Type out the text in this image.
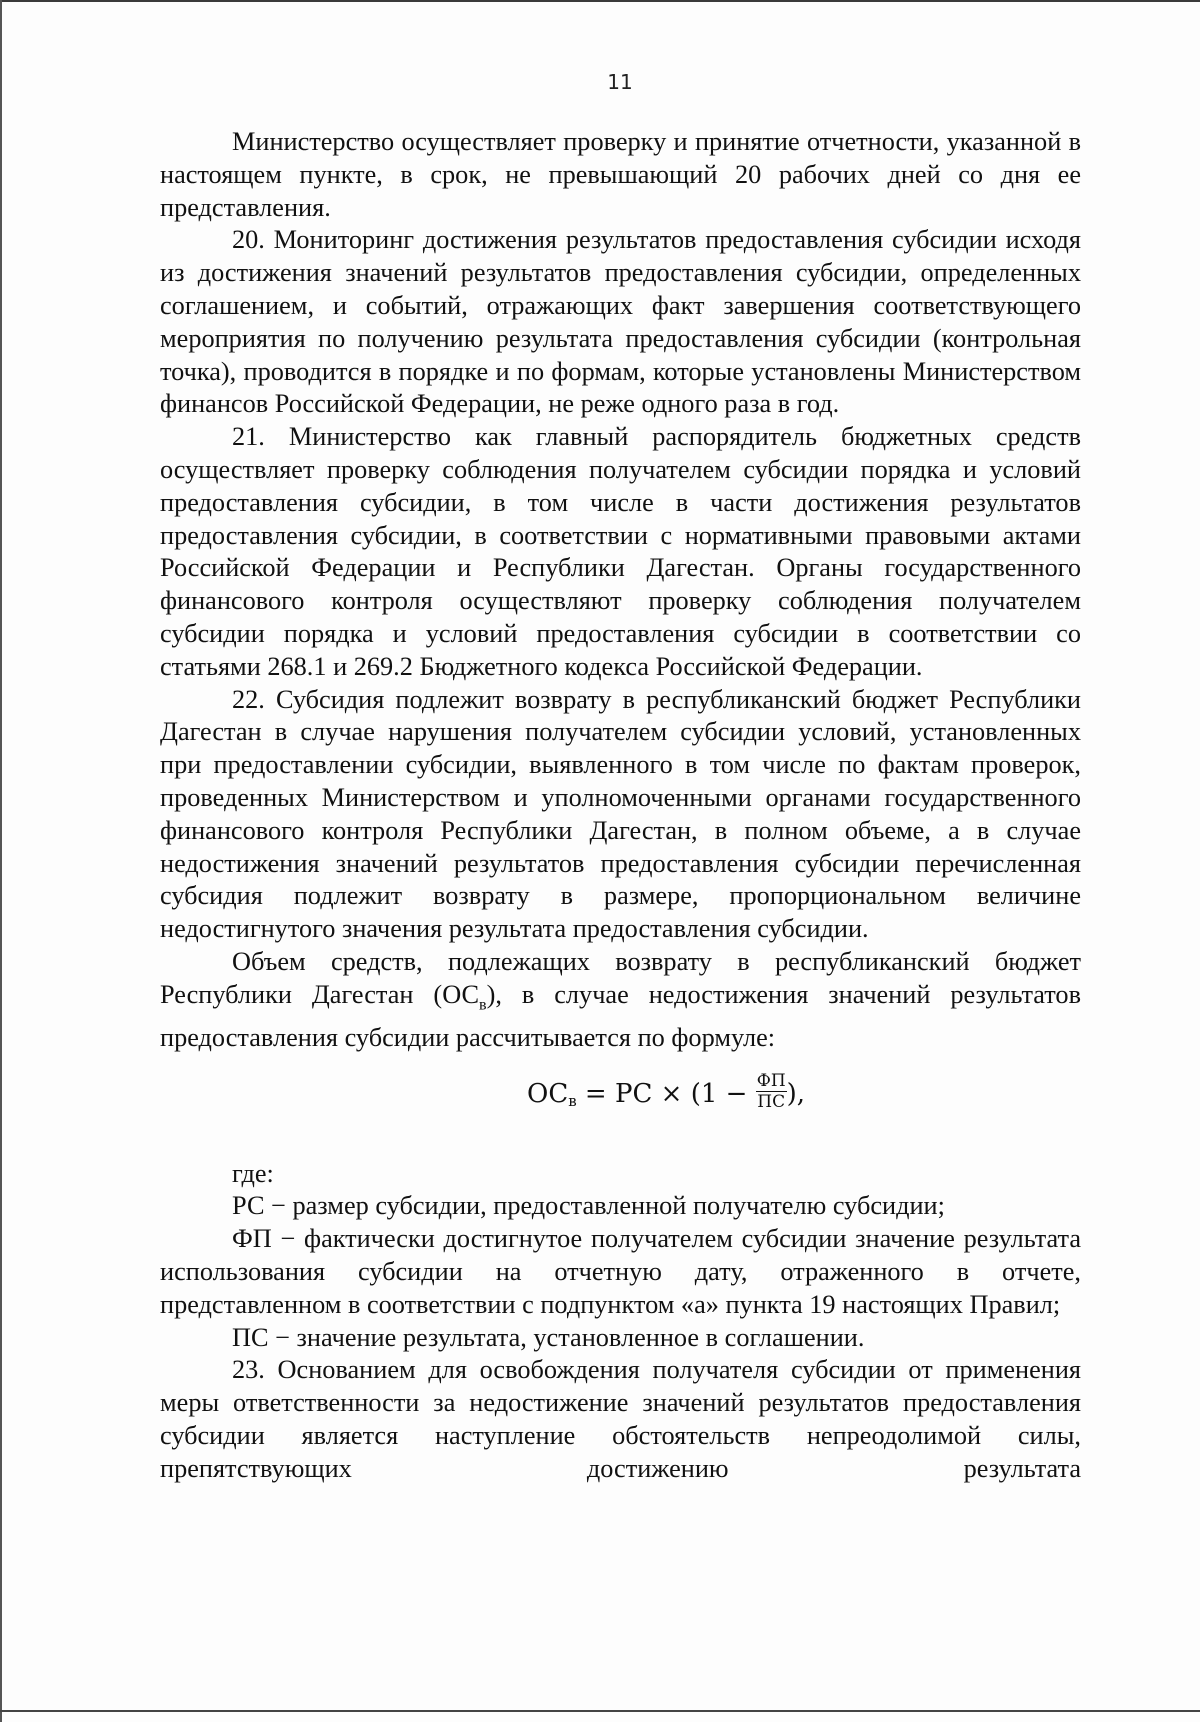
11

Министерство осуществляет проверку и принятие отчетности, указанной в настоящем пункте, в срок, не превышающий 20 рабочих дней со дня ее представления.

20. Мониторинг достижения результатов предоставления субсидии исходя из достижения значений результатов предоставления субсидии, определенных соглашением, и событий, отражающих факт завершения соответствующего мероприятия по получению результата предоставления субсидии (контрольная точка), проводится в порядке и по формам, которые установлены Министерством финансов Российской Федерации, не реже одного раза в год.

21. Министерство как главный распорядитель бюджетных средств осуществляет проверку соблюдения получателем субсидии порядка и условий предоставления субсидии, в том числе в части достижения результатов предоставления субсидии, в соответствии с нормативными правовыми актами Российской Федерации и Республики Дагестан. Органы государственного финансового контроля осуществляют проверку соблюдения получателем субсидии порядка и условий предоставления субсидии в соответствии со статьями 268.1 и 269.2 Бюджетного кодекса Российской Федерации.

22. Субсидия подлежит возврату в республиканский бюджет Республики Дагестан в случае нарушения получателем субсидии условий, установленных при предоставлении субсидии, выявленного в том числе по фактам проверок, проведенных Министерством и уполномоченными органами государственного финансового контроля Республики Дагестан, в полном объеме, а в случае недостижения значений результатов предоставления субсидии перечисленная субсидия подлежит возврату в размере, пропорциональном величине недостигнутого значения результата предоставления субсидии.

Объем средств, подлежащих возврату в республиканский бюджет Республики Дагестан $(ОС_в)$, в случае недостижения значений результатов предоставления субсидии рассчитывается по формуле:

$ОС_в$ = РС × ($1 - \frac{ФП}{ПС}$ ),

где:

РС − размер субсидии, предоставленной получателю субсидии;

ФП − фактически достигнутое получателем субсидии значение результата использования субсидии на отчетную дату, отраженного в отчете, представленном в соответствии с подпунктом «а» пункта 19 настоящих Правил;

ПС − значение результата, установленное в соглашении.

23. Основанием для освобождения получателя субсидии от применения меры ответственности за недостижение значений результатов предоставления субсидии является наступление обстоятельств непреодолимой силы, препятствующих достижению результата
